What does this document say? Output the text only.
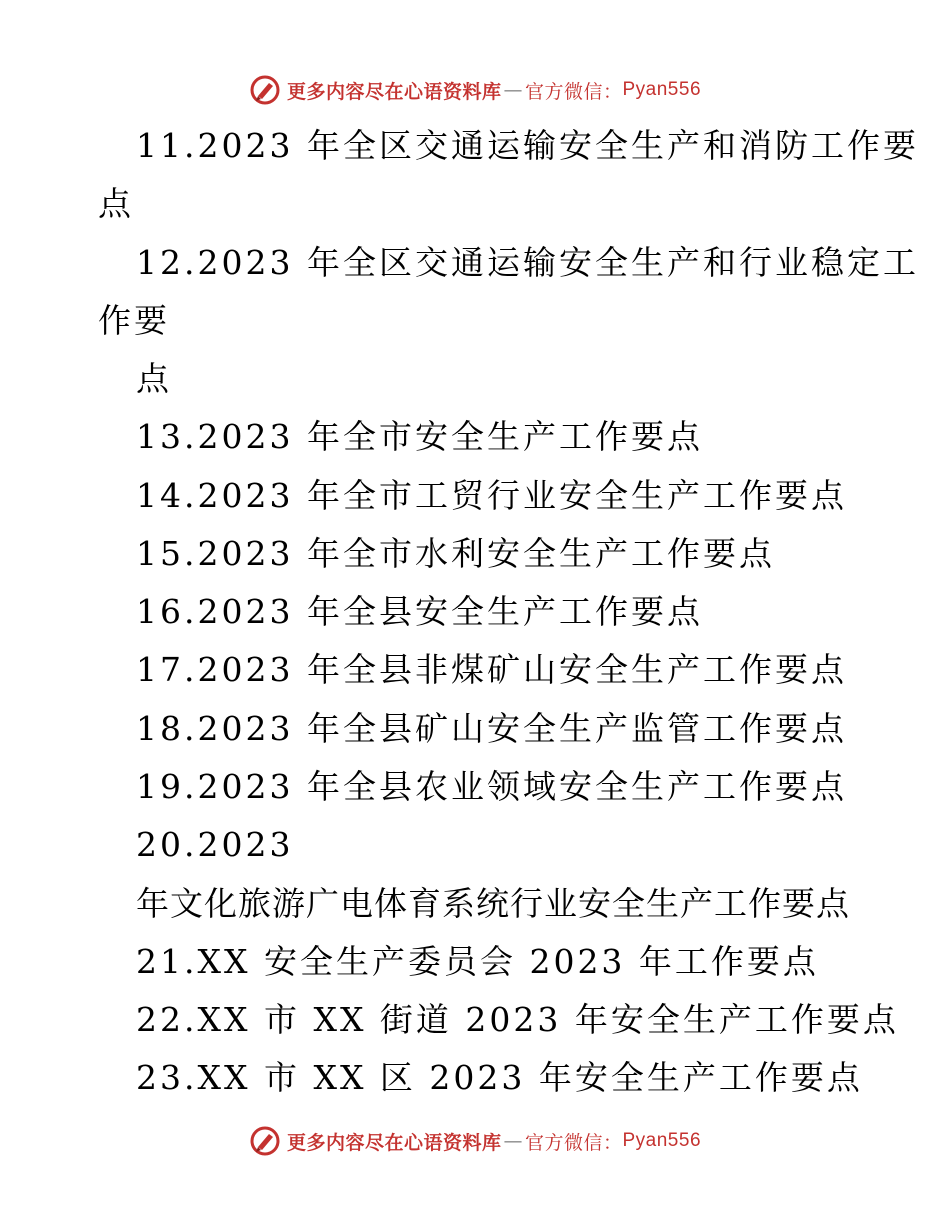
更多内容尽在心语资料库 — 官方微信： Pyan556
11.2023 年全区交通运输安全生产和消防工作要
点
12.2023 年全区交通运输安全生产和行业稳定工
作要
点
13.2023 年全市安全生产工作要点
14.2023 年全市工贸行业安全生产工作要点
15.2023 年全市水利安全生产工作要点
16.2023 年全县安全生产工作要点
17.2023 年全县非煤矿山安全生产工作要点
18.2023 年全县矿山安全生产监管工作要点
19.2023 年全县农业领域安全生产工作要点
20.2023
年文化旅游广电体育系统行业安全生产工作要点
21.XX 安全生产委员会 2023 年工作要点
22.XX 市 XX 街道 2023 年安全生产工作要点
23.XX 市 XX 区 2023 年安全生产工作要点
更多内容尽在心语资料库 — 官方微信： Pyan556
